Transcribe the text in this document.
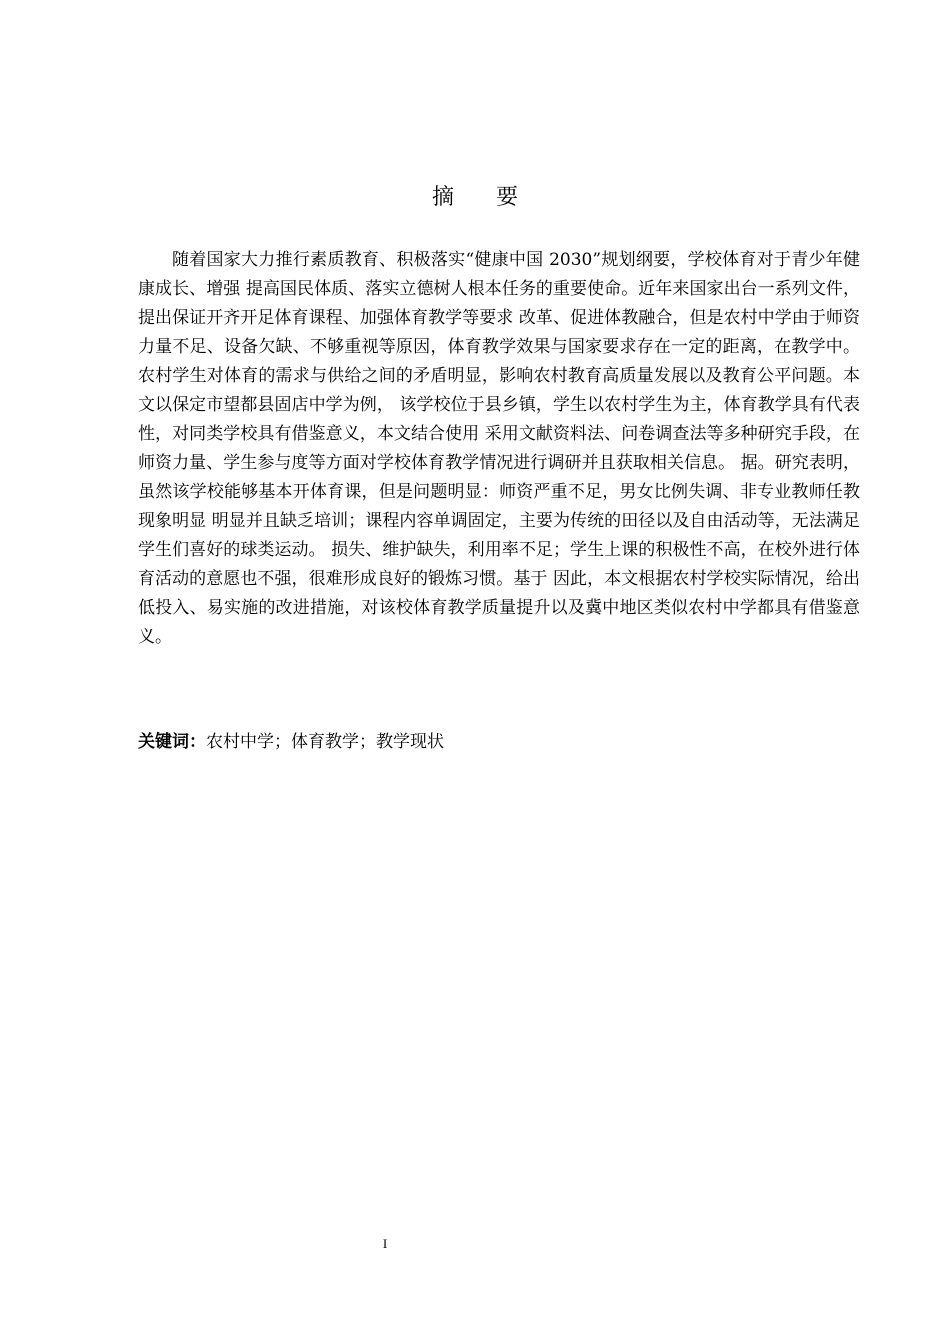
摘要

随着国家大力推行素质教育、积极落实“健康中国 2030”规划纲要，学校体育对于青少年健康成长、增强 提高国民体质、落实立德树人根本任务的重要使命。近年来国家出台一系列文件，提出保证开齐开足体育课程、加强体育教学等要求 改革、促进体教融合，但是农村中学由于师资力量不足、设备欠缺、不够重视等原因，体育教学效果与国家要求存在一定的距离，在教学中。 农村学生对体育的需求与供给之间的矛盾明显，影响农村教育高质量发展以及教育公平问题。本文以保定市望都县固店中学为例， 该学校位于县乡镇，学生以农村学生为主，体育教学具有代表性，对同类学校具有借鉴意义，本文结合使用 采用文献资料法、问卷调查法等多种研究手段，在师资力量、学生参与度等方面对学校体育教学情况进行调研并且获取相关信息。 据。研究表明，虽然该学校能够基本开体育课，但是问题明显：师资严重不足，男女比例失调、非专业教师任教现象明显 明显并且缺乏培训；课程内容单调固定，主要为传统的田径以及自由活动等，无法满足学生们喜好的球类运动。 损失、维护缺失，利用率不足；学生上课的积极性不高，在校外进行体育活动的意愿也不强，很难形成良好的锻炼习惯。基于 因此，本文根据农村学校实际情况，给出低投入、易实施的改进措施，对该校体育教学质量提升以及冀中地区类似农村中学都具有借鉴意义。

关键词：农村中学；体育教学；教学现状
I
